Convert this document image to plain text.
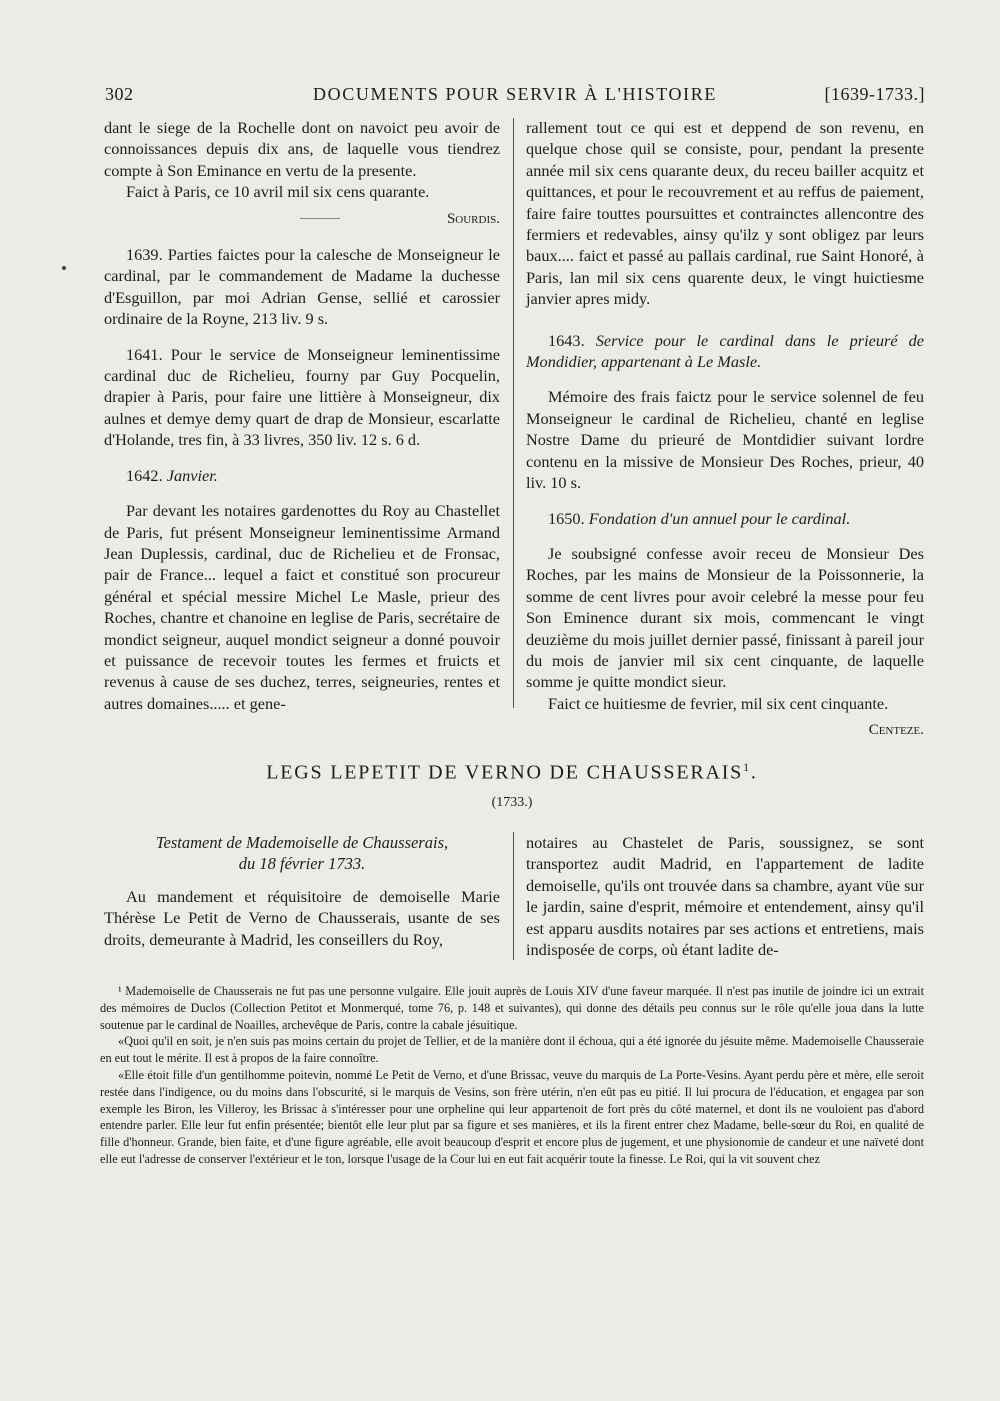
302	DOCUMENTS POUR SERVIR À L'HISTOIRE	[1639-1733.]

dant le siege de la Rochelle dont on navoict peu avoir de connoissances depuis dix ans, de laquelle vous tiendrez compte à Son Eminance en vertu de la presente.

Faict à Paris, ce 10 avril mil six cens quarante.

Sourdis.

1639. Parties faictes pour la calesche de Monseigneur le cardinal, par le commandement de Madame la duchesse d'Esguillon, par moi Adrian Gense, sellié et carossier ordinaire de la Royne, 213 liv. 9 s.

1641. Pour le service de Monseigneur leminentissime cardinal duc de Richelieu, fourny par Guy Pocquelin, drapier à Paris, pour faire une littière à Monseigneur, dix aulnes et demye demy quart de drap de Monsieur, escarlatte d'Holande, tres fin, à 33 livres, 350 liv. 12 s. 6 d.

1642. Janvier.

Par devant les notaires gardenottes du Roy au Chastellet de Paris, fut présent Monseigneur leminentissime Armand Jean Duplessis, cardinal, duc de Richelieu et de Fronsac, pair de France... lequel a faict et constitué son procureur général et spécial messire Michel Le Masle, prieur des Roches, chantre et chanoine en leglise de Paris, secrétaire de mondict seigneur, auquel mondict seigneur a donné pouvoir et puissance de recevoir toutes les fermes et fruicts et revenus à cause de ses duchez, terres, seigneuries, rentes et autres domaines..... et gene-

rallement tout ce qui est et deppend de son revenu, en quelque chose quil se consiste, pour, pendant la presente année mil six cens quarante deux, du receu bailler acquitz et quittances, et pour le recouvrement et au reffus de paiement, faire faire touttes poursuittes et contrainctes allencontre des fermiers et redevables, ainsy qu'ilz y sont obligez par leurs baux.... faict et passé au pallais cardinal, rue Saint Honoré, à Paris, lan mil six cens quarente deux, le vingt huictiesme janvier apres midy.

1643. Service pour le cardinal dans le prieuré de Mondidier, appartenant à Le Masle.

Mémoire des frais faictz pour le service solennel de feu Monseigneur le cardinal de Richelieu, chanté en leglise Nostre Dame du prieuré de Montdidier suivant lordre contenu en la missive de Monsieur Des Roches, prieur, 40 liv. 10 s.

1650. Fondation d'un annuel pour le cardinal.

Je soubsigné confesse avoir receu de Monsieur Des Roches, par les mains de Monsieur de la Poissonnerie, la somme de cent livres pour avoir celebré la messe pour feu Son Eminence durant six mois, commencant le vingt deuzième du mois juillet dernier passé, finissant à pareil jour du mois de janvier mil six cent cinquante, de laquelle somme je quitte mondict sieur.

Faict ce huitiesme de fevrier, mil six cent cinquante.

Centeze.

LEGS LEPETIT DE VERNO DE CHAUSSERAIS$^1$.
(1733.)
Testament de Mademoiselle de Chausserais,
du 18 février 1733.

Au mandement et réquisitoire de demoiselle Marie Thérèse Le Petit de Verno de Chausserais, usante de ses droits, demeurante à Madrid, les conseillers du Roy,

notaires au Chastelet de Paris, soussignez, se sont transportez audit Madrid, en l'appartement de ladite demoiselle, qu'ils ont trouvée dans sa chambre, ayant vüe sur le jardin, saine d'esprit, mémoire et entendement, ainsy qu'il est apparu ausdits notaires par ses actions et entretiens, mais indisposée de corps, où étant ladite de-

¹ Mademoiselle de Chausserais ne fut pas une personne vulgaire. Elle jouit auprès de Louis XIV d'une faveur marquée. Il n'est pas inutile de joindre ici un extrait des mémoires de Duclos (Collection Petitot et Monmerqué, tome 76, p. 148 et suivantes), qui donne des détails peu connus sur le rôle qu'elle joua dans la lutte soutenue par le cardinal de Noailles, archevêque de Paris, contre la cabale jésuitique.

«Quoi qu'il en soit, je n'en suis pas moins certain du projet de Tellier, et de la manière dont il échoua, qui a été ignorée du jésuite même. Mademoiselle Chausseraie en eut tout le mérite. Il est à propos de la faire connoître.

«Elle étoit fille d'un gentilhomme poitevin, nommé Le Petit de Verno, et d'une Brissac, veuve du marquis de La Porte-Vesins. Ayant perdu père et mère, elle seroit restée dans l'indigence, ou du moins dans l'obscurité, si le marquis de Vesins, son frère utérin, n'en eût pas eu pitié. Il lui procura de l'éducation, et engagea par son exemple les Biron, les Villeroy, les Brissac à s'intéresser pour une orpheline qui leur appartenoit de fort près du côté maternel, et dont ils ne vouloient pas d'abord entendre parler. Elle leur fut enfin présentée; bientôt elle leur plut par sa figure et ses manières, et ils la firent entrer chez Madame, belle-sœur du Roi, en qualité de fille d'honneur. Grande, bien faite, et d'une figure agréable, elle avoit beaucoup d'esprit et encore plus de jugement, et une physionomie de candeur et une naïveté dont elle eut l'adresse de conserver l'extérieur et le ton, lorsque l'usage de la Cour lui en eut fait acquérir toute la finesse. Le Roi, qui la vit souvent chez
